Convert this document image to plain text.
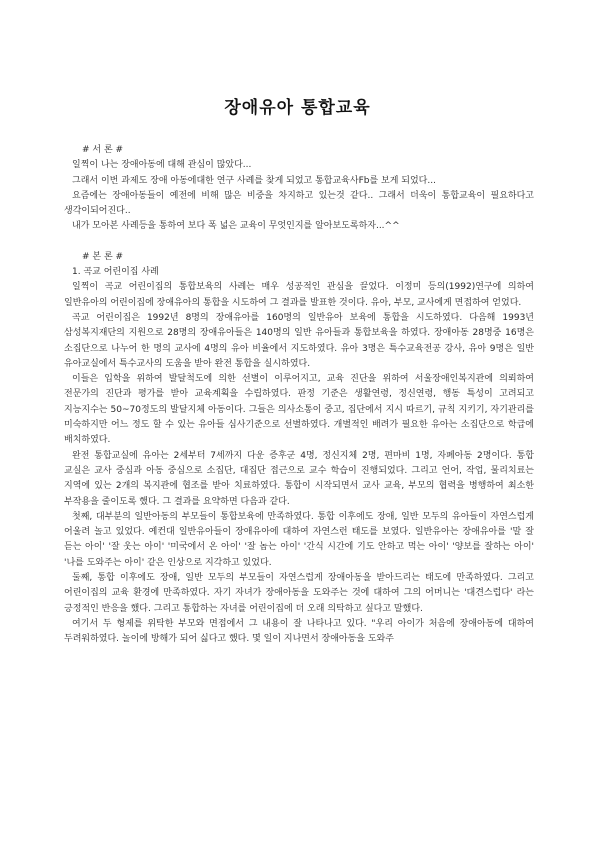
장애유아 통합교육

# 서 론 #

일찍이 나는 장애아동에 대해 관심이 많았다...

그래서 이번 과제도 장애 아동에대한 연구 사례를 찾게 되었고 통합교육사Fb를 보게 되었다...

요즘에는 장애아동들이 예전에 비해 많은 비중을 차지하고 있는것 같다.. 그래서 더욱이 통합교육이 필요하다고 생각이되어진다..

내가 모아본 사례등을 통하여 보다 폭 넓은 교육이 무엇인지를 알아보도록하자...^^

# 본 론 #

1. 곡교 어린이집 사례

일찍이 곡교 어린이집의 통합보육의 사례는 매우 성공적인 관심을 끌었다. 이정미 등의(1992)연구에 의하여 일반유아의 어린이집에 장애유아의 통합을 시도하여 그 결과를 발표한 것이다. 유아, 부모, 교사에게 면접하여 얻었다.

곡교 어린이집은 1992년 8명의 장애유아를 160명의 일반유아 보육에 통합을 시도하였다. 다음해 1993년 삼성복지재단의 지원으로 28명의 장애유아들은 140명의 일반 유아들과 통합보육을 하였다. 장애아동 28명중 16명은 소집단으로 나누어 한 명의 교사에 4명의 유아 비율에서 지도하였다. 유아 3명은 특수교육전공 강사, 유아 9명은 일반 유아교실에서 특수교사의 도움을 받아 완전 통합을 실시하였다.

이들은 입학을 위하여 발달척도에 의한 선별이 이루어지고, 교육 진단을 위하여 서울장애인복지관에 의뢰하여 전문가의 진단과 평가를 받아 교육계획을 수립하였다. 판정 기준은 생활연령, 정신연령, 행동 특성이 고려되고 지능지수는 50~70정도의 발달지체 아동이다. 그들은 의사소통이 중고, 집단에서 지시 따르기, 규칙 지키기, 자기관리를 미숙하지만 어느 정도 할 수 있는 유아들 심사기준으로 선별하였다. 개별적인 배려가 필요한 유아는 소집단으로 학급에 배치하였다.

완전 통합교실에 유아는 2세부터 7세까지 다운 증후군 4명, 정신지체 2명, 편마비 1명, 자폐아동 2명이다. 통합 교실은 교사 중심과 아동 중심으로 소집단, 대집단 접근으로 교수 학습이 진행되었다. 그리고 언어, 작업, 물리치료는 지역에 있는 2개의 복지관에 협조를 받아 치료하였다. 통합이 시작되면서 교사 교육, 부모의 협력을 병행하여 최소한 부작용을 줄이도록 했다. 그 결과를 요약하면 다음과 같다.

첫째, 대부분의 일반아동의 부모들이 통합보육에 만족하였다. 통합 이후에도 장애, 일반 모두의 유아들이 자연스럽게 어울려 놀고 있었다. 예컨대 일반유아들이 장애유아에 대하여 자연스런 태도를 보였다. 일반유아는 장애유아를 '말 잘 듣는 아이' '잘 웃는 아이' '미국에서 온 아이' '잘 놉는 아이' '간식 시간에 기도 안하고 먹는 아이' '양보를 잘하는 아이' '나를 도와주는 아이' 같은 인상으로 지각하고 있었다.

둘째, 통합 이후에도 장애, 일반 모두의 부모들이 자연스럽게 장애아동을 받아드리는 태도에 만족하였다. 그리고 어린이집의 교육 환경에 만족하였다. 자기 자녀가 장애아동을 도와주는 것에 대하여 그의 어머니는 '대견스럽다' 라는 긍정적인 반응을 했다. 그리고 통합하는 자녀를 어린이집에 더 오래 의탁하고 싶다고 말했다.

여기서 두 형제를 위탁한 부모와 면접에서 그 내용이 잘 나타나고 있다. "우리 아이가 처음에 장애아동에 대하여 두려워하였다. 놀이에 방해가 되어 싫다고 했다. 몇 일이 지나면서 장애아동을 도와주
